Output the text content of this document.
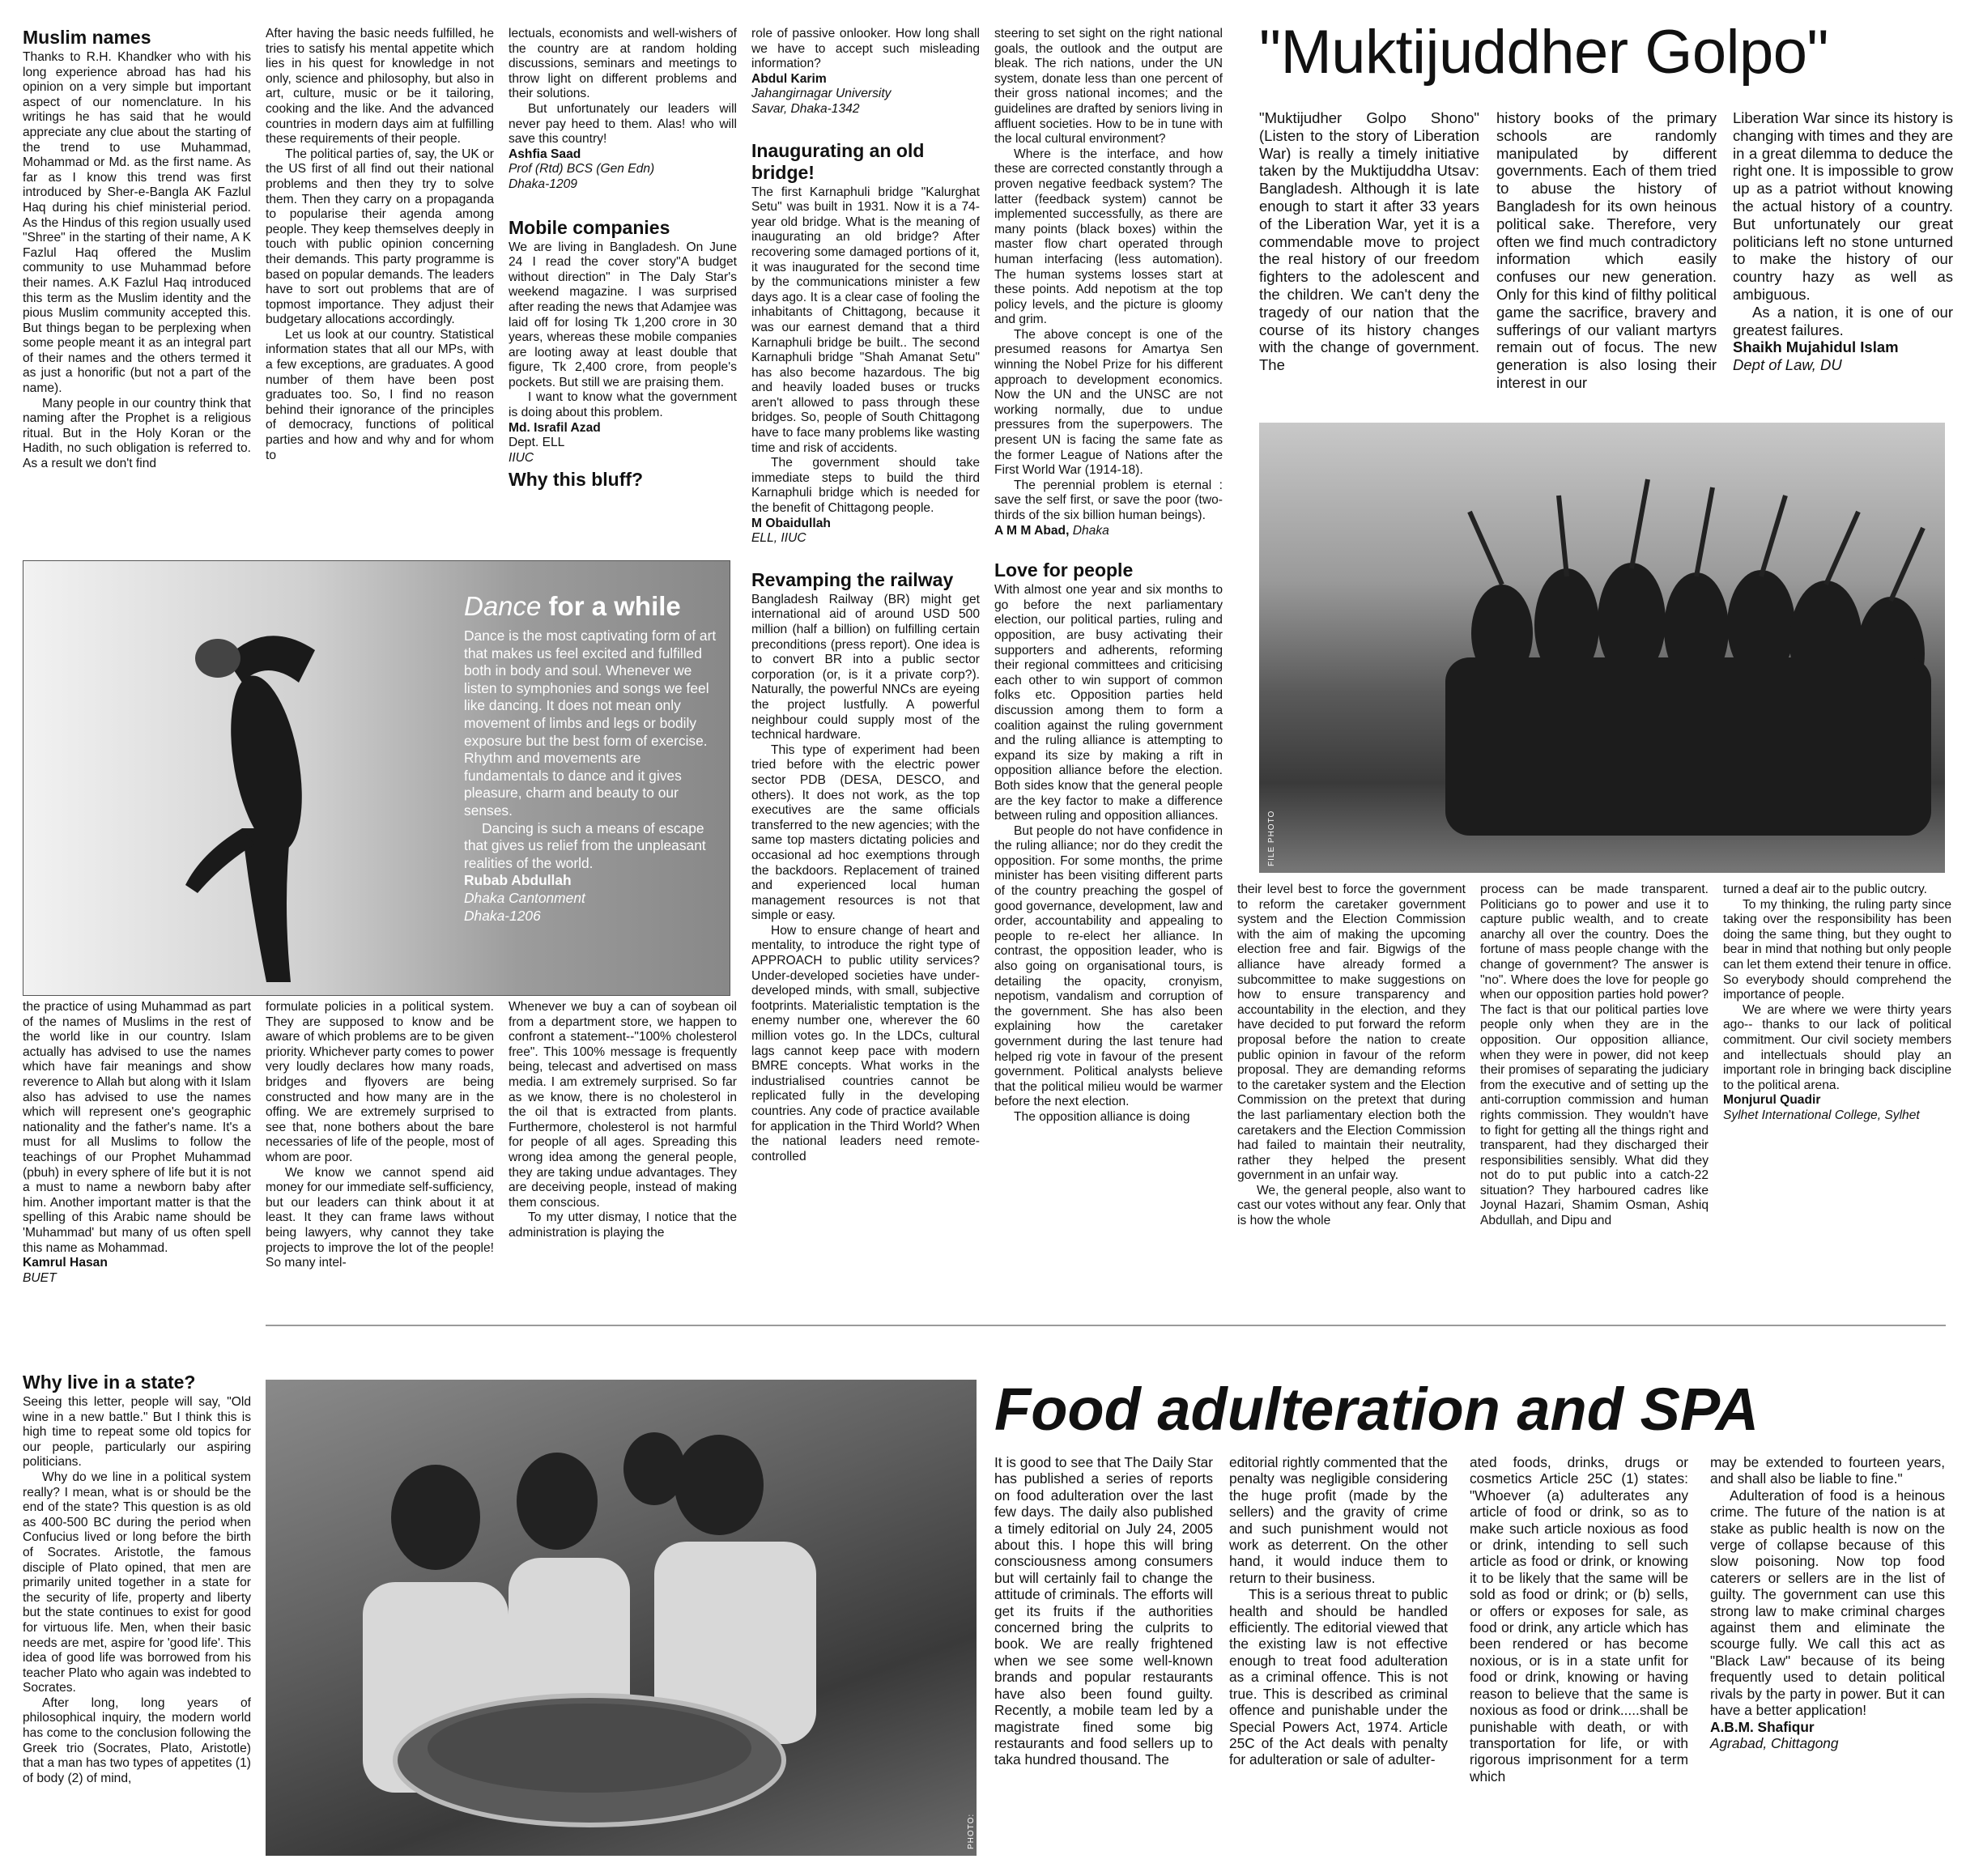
Muslim names

Thanks to R.H. Khandker who with his long experience abroad has had his opinion on a very simple but important aspect of our nomenclature. In his writings he has said that he would appreciate any clue about the starting of the trend to use Muhammad, Mohammad or Md. as the first name. As far as I know this trend was first introduced by Sher-e-Bangla AK Fazlul Haq during his chief ministerial period. As the Hindus of this region usually used "Shree" in the starting of their name, A K Fazlul Haq offered the Muslim community to use Muhammad before their names. A.K Fazlul Haq introduced this term as the Muslim identity and the pious Muslim community accepted this. But things began to be perplexing when some people meant it as an integral part of their names and the others termed it as just a honorific (but not a part of the name).

Many people in our country think that naming after the Prophet is a religious ritual. But in the Holy Koran or the Hadith, no such obligation is referred to. As a result we don't find

After having the basic needs fulfilled, he tries to satisfy his mental appetite which lies in his quest for knowledge in not only, science and philosophy, but also in art, culture, music or be it tailoring, cooking and the like. And the advanced countries in modern days aim at fulfilling these requirements of their people.

The political parties of, say, the UK or the US first of all find out their national problems and then they try to solve them. Then they carry on a propaganda to popularise their agenda among people. They keep themselves deeply in touch with public opinion concerning their demands. This party programme is based on popular demands. The leaders have to sort out problems that are of topmost importance. They adjust their budgetary allocations accordingly.

Let us look at our country. Statistical information states that all our MPs, with a few exceptions, are graduates. A good number of them have been post graduates too. So, I find no reason behind their ignorance of the principles of democracy, functions of political parties and how and why and for whom to

lectuals, economists and well-wishers of the country are at random holding discussions, seminars and meetings to throw light on different problems and their solutions.

But unfortunately our leaders will never pay heed to them. Alas! who will save this country!

Ashfia Saad

Prof (Rtd) BCS (Gen Edn)

Dhaka-1209

Mobile companies

We are living in Bangladesh. On June 24 I read the cover story"A budget without direction" in The Daly Star's weekend magazine. I was surprised after reading the news that Adamjee was laid off for losing Tk 1,200 crore in 30 years, whereas these mobile companies are looting away at least double that figure, Tk 2,400 crore, from people's pockets. But still we are praising them.

I want to know what the government is doing about this problem.

Md. Israfil Azad

Dept. ELL

IIUC

Why this bluff?

role of passive onlooker. How long shall we have to accept such misleading information?

Abdul Karim

Jahangirnagar University

Savar, Dhaka-1342

Inaugurating an old bridge!

The first Karnaphuli bridge "Kalurghat Setu" was built in 1931. Now it is a 74-year old bridge. What is the meaning of inaugurating an old bridge? After recovering some damaged portions of it, it was inaugurated for the second time by the communications minister a few days ago. It is a clear case of fooling the inhabitants of Chittagong, because it was our earnest demand that a third Karnaphuli bridge be built.. The second Karnaphuli bridge "Shah Amanat Setu" has also become hazardous. The big and heavily loaded buses or trucks aren't allowed to pass through these bridges. So, people of South Chittagong have to face many problems like wasting time and risk of accidents.

The government should take immediate steps to build the third Karnaphuli bridge which is needed for the benefit of Chittagong people.

M Obaidullah

ELL, IIUC

Revamping the railway

Bangladesh Railway (BR) might get international aid of around USD 500 million (half a billion) on fulfilling certain preconditions (press report). One idea is to convert BR into a public sector corporation (or, is it a private corp?). Naturally, the powerful NNCs are eyeing the project lustfully. A powerful neighbour could supply most of the technical hardware.

This type of experiment had been tried before with the electric power sector PDB (DESA, DESCO, and others). It does not work, as the top executives are the same officials transferred to the new agencies; with the same top masters dictating policies and occasional ad hoc exemptions through the backdoors. Replacement of trained and experienced local human management resources is not that simple or easy.

How to ensure change of heart and mentality, to introduce the right type of APPROACH to public utility services? Under-developed societies have under-developed minds, with small, subjective footprints. Materialistic temptation is the enemy number one, wherever the 60 million votes go. In the LDCs, cultural lags cannot keep pace with modern BMRE concepts. What works in the industrialised countries cannot be replicated fully in the developing countries. Any code of practice available for application in the Third World? When the national leaders need remote-controlled

steering to set sight on the right national goals, the outlook and the output are bleak. The rich nations, under the UN system, donate less than one percent of their gross national incomes; and the guidelines are drafted by seniors living in affluent societies. How to be in tune with the local cultural environment?

Where is the interface, and how these are corrected constantly through a proven negative feedback system? The latter (feedback system) cannot be implemented successfully, as there are many points (black boxes) within the master flow chart operated through human interfacing (less automation). The human systems losses start at these points. Add nepotism at the top policy levels, and the picture is gloomy and grim.

The above concept is one of the presumed reasons for Amartya Sen winning the Nobel Prize for his different approach to development economics. Now the UN and the UNSC are not working normally, due to undue pressures from the superpowers. The present UN is facing the same fate as the former League of Nations after the First World War (1914-18).

The perennial problem is eternal : save the self first, or save the poor (two-thirds of the six billion human beings).

A M M Abad, Dhaka

Love for people

With almost one year and six months to go before the next parliamentary election, our political parties, ruling and opposition, are busy activating their supporters and adherents, reforming their regional committees and criticising each other to win support of common folks etc. Opposition parties held discussion among them to form a coalition against the ruling government and the ruling alliance is attempting to expand its size by making a rift in opposition alliance before the election. Both sides know that the general people are the key factor to make a difference between ruling and opposition alliances.

But people do not have confidence in the ruling alliance; nor do they credit the opposition. For some months, the prime minister has been visiting different parts of the country preaching the gospel of good governance, development, law and order, accountability and appealing to people to re-elect her alliance. In contrast, the opposition leader, who is also going on organisational tours, is detailing the opacity, cronyism, nepotism, vandalism and corruption of the government. She has also been explaining how the caretaker government during the last tenure had helped rig vote in favour of the present government. Political analysts believe that the political milieu would be warmer before the next election.

The opposition alliance is doing

"Muktijuddher Golpo"

"Muktijudher Golpo Shono"(Listen to the story of Liberation War) is really a timely initiative taken by the Muktijuddha Utsav: Bangladesh. Although it is late enough to start it after 33 years of the Liberation War, yet it is a commendable move to project the real history of our freedom fighters to the adolescent and the children. We can't deny the tragedy of our nation that the course of its history changes with the change of government. The

history books of the primary schools are randomly manipulated by different governments. Each of them tried to abuse the history of Bangladesh for its own heinous political sake. Therefore, very often we find much contradictory information which easily confuses our new generation. Only for this kind of filthy political game the sacrifice, bravery and sufferings of our valiant martyrs remain out of focus. The new generation is also losing their interest in our

Liberation War since its history is changing with times and they are in a great dilemma to deduce the right one. It is impossible to grow up as a patriot without knowing the actual history of a country. But unfortunately our great politicians left no stone unturned to make the history of our country hazy as well as ambiguous.

As a nation, it is one of our greatest failures.

Shaikh Mujahidul Islam

Dept of Law, DU

FILE PHOTO
Dance for a while

Dance is the most captivating form of art that makes us feel excited and fulfilled both in body and soul. Whenever we listen to symphonies and songs we feel like dancing. It does not mean only movement of limbs and legs or bodily exposure but the best form of exercise. Rhythm and movements are fundamentals to dance and it gives pleasure, charm and beauty to our senses.

Dancing is such a means of escape that gives us relief from the unpleasant realities of the world.

Rubab Abdullah

Dhaka Cantonment

Dhaka-1206

the practice of using Muhammad as part of the names of Muslims in the rest of the world like in our country. Islam actually has advised to use the names which have fair meanings and show reverence to Allah but along with it Islam also has advised to use the names which will represent one's geographic nationality and the father's name. It's a must for all Muslims to follow the teachings of our Prophet Muhammad (pbuh) in every sphere of life but it is not a must to name a newborn baby after him. Another important matter is that the spelling of this Arabic name should be 'Muhammad' but many of us often spell this name as Mohammad.

Kamrul Hasan

BUET

formulate policies in a political system. They are supposed to know and be aware of which problems are to be given priority. Whichever party comes to power very loudly declares how many roads, bridges and flyovers are being constructed and how many are in the offing. We are extremely surprised to see that, none bothers about the bare necessaries of life of the people, most of whom are poor.

We know we cannot spend aid money for our immediate self-sufficiency, but our leaders can think about it at least. It they can frame laws without being lawyers, why cannot they take projects to improve the lot of the people! So many intel-

Whenever we buy a can of soybean oil from a department store, we happen to confront a statement--"100% cholesterol free". This 100% message is frequently being, telecast and advertised on mass media. I am extremely surprised. So far as we know, there is no cholesterol in the oil that is extracted from plants. Furthermore, cholesterol is not harmful for people of all ages. Spreading this wrong idea among the general people, they are taking undue advantages. They are deceiving people, instead of making them conscious.

To my utter dismay, I notice that the administration is playing the

their level best to force the government to reform the caretaker government system and the Election Commission with the aim of making the upcoming election free and fair. Bigwigs of the alliance have already formed a subcommittee to make suggestions on how to ensure transparency and accountability in the election, and they have decided to put forward the reform proposal before the nation to create public opinion in favour of the reform proposal. They are demanding reforms to the caretaker system and the Election Commission on the pretext that during the last parliamentary election both the caretakers and the Election Commission had failed to maintain their neutrality, rather they helped the present government in an unfair way.

We, the general people, also want to cast our votes without any fear. Only that is how the whole

process can be made transparent. Politicians go to power and use it to capture public wealth, and to create anarchy all over the country. Does the fortune of mass people change with the change of government? The answer is "no". Where does the love for people go when our opposition parties hold power? The fact is that our political parties love people only when they are in the opposition. Our opposition alliance, when they were in power, did not keep their promises of separating the judiciary from the executive and of setting up the anti-corruption commission and human rights commission. They wouldn't have to fight for getting all the things right and transparent, had they discharged their responsibilities sensibly. What did they not do to put public into a catch-22 situation? They harboured cadres like Joynal Hazari, Shamim Osman, Ashiq Abdullah, and Dipu and

turned a deaf air to the public outcry.

To my thinking, the ruling party since taking over the responsibility has been doing the same thing, but they ought to bear in mind that nothing but only people can let them extend their tenure in office. So everybody should comprehend the importance of people.

We are where we were thirty years ago-- thanks to our lack of political commitment. Our civil society members and intellectuals should play an important role in bringing back discipline to the political arena.

Monjurul Quadir

Sylhet International College, Sylhet

Why live in a state?

Seeing this letter, people will say, "Old wine in a new battle." But I think this is high time to repeat some old topics for our people, particularly our aspiring politicians.

Why do we line in a political system really? I mean, what is or should be the end of the state? This question is as old as 400-500 BC during the period when Confucius lived or long before the birth of Socrates. Aristotle, the famous disciple of Plato opined, that men are primarily united together in a state for the security of life, property and liberty but the state continues to exist for good for virtuous life. Men, when their basic needs are met, aspire for 'good life'. This idea of good life was borrowed from his teacher Plato who again was indebted to Socrates.

After long, long years of philosophical inquiry, the modern world has come to the conclusion following the Greek trio (Socrates, Plato, Aristotle) that a man has two types of appetites (1) of body (2) of mind,

PHOTO: STAR
Food adulteration and SPA

It is good to see that The Daily Star has published a series of reports on food adulteration over the last few days. The daily also published a timely editorial on July 24, 2005 about this. I hope this will bring consciousness among consumers but will certainly fail to change the attitude of criminals. The efforts will get its fruits if the authorities concerned bring the culprits to book. We are really frightened when we see some well-known brands and popular restaurants have also been found guilty. Recently, a mobile team led by a magistrate fined some big restaurants and food sellers up to taka hundred thousand. The

editorial rightly commented that the penalty was negligible considering the huge profit (made by the sellers) and the gravity of crime and such punishment would not work as deterrent. On the other hand, it would induce them to return to their business.

This is a serious threat to public health and should be handled efficiently. The editorial viewed that the existing law is not effective enough to treat food adulteration as a criminal offence. This is not true. This is described as criminal offence and punishable under the Special Powers Act, 1974. Article 25C of the Act deals with penalty for adulteration or sale of adulter-

ated foods, drinks, drugs or cosmetics Article 25C (1) states: "Whoever (a) adulterates any article of food or drink, so as to make such article noxious as food or drink, intending to sell such article as food or drink, or knowing it to be likely that the same will be sold as food or drink; or (b) sells, or offers or exposes for sale, as food or drink, any article which has been rendered or has become noxious, or is in a state unfit for food or drink, knowing or having reason to believe that the same is noxious as food or drink.....shall be punishable with death, or with transportation for life, or with rigorous imprisonment for a term which

may be extended to fourteen years, and shall also be liable to fine."

Adulteration of food is a heinous crime. The future of the nation is at stake as public health is now on the verge of collapse because of this slow poisoning. Now top food caterers or sellers are in the list of guilty. The government can use this strong law to make criminal charges against them and eliminate the scourge fully. We call this act as "Black Law" because of its being frequently used to detain political rivals by the party in power. But it can have a better application!

A.B.M. Shafiqur

Agrabad, Chittagong
